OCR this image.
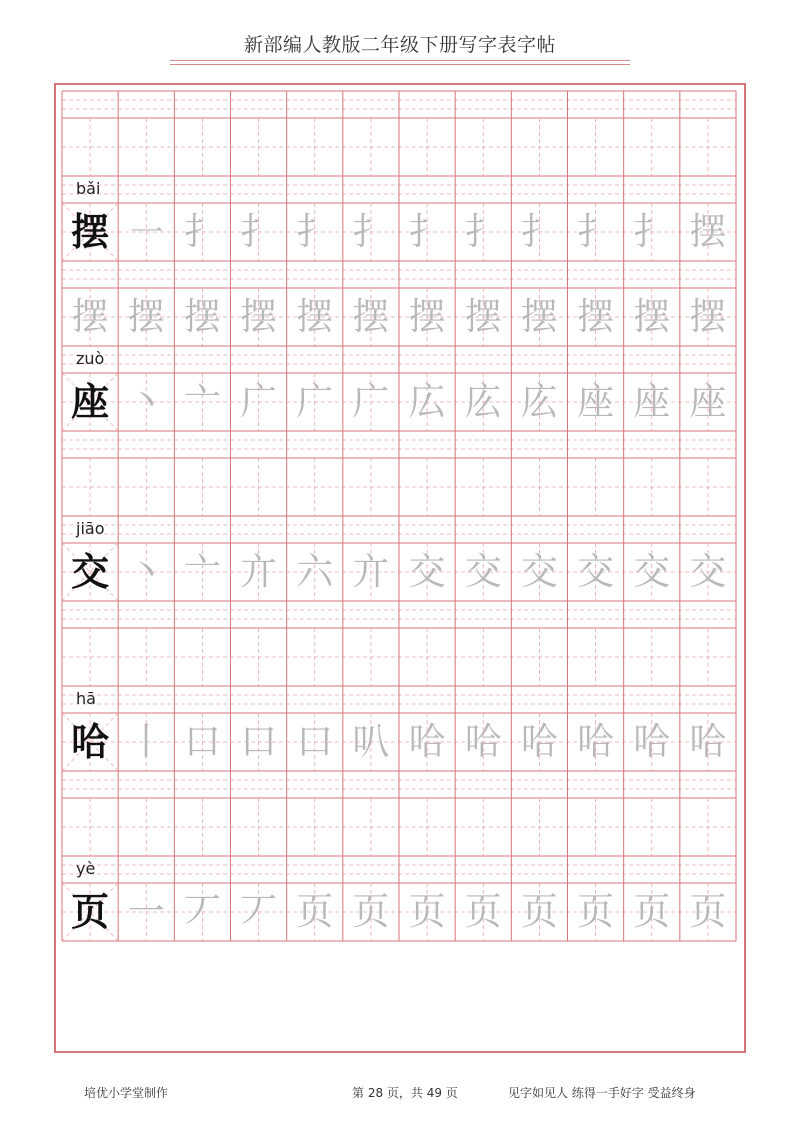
新部编人教版二年级下册写字表字帖
bǎi
摆 ㇐ 扌 扌 扌 扌 扌 扌 扌 扌 扌 摆
摆 摆 摆 摆 摆 摆 摆 摆 摆 摆 摆 摆
zuò
座 丶 亠 广 广 广 広 庅 庅 座 座 座
jiāo
交 丶 亠 亣 六 亣 交 交 交 交 交 交
hā
哈 丨 口 口 口 叭 哈 哈 哈 哈 哈 哈
yè
页 一 丆 丆 页 页 页 页 页 页 页 页
培优小学堂制作	第 28 页，共 49 页	见字如见人 练得一手好字 受益终身
